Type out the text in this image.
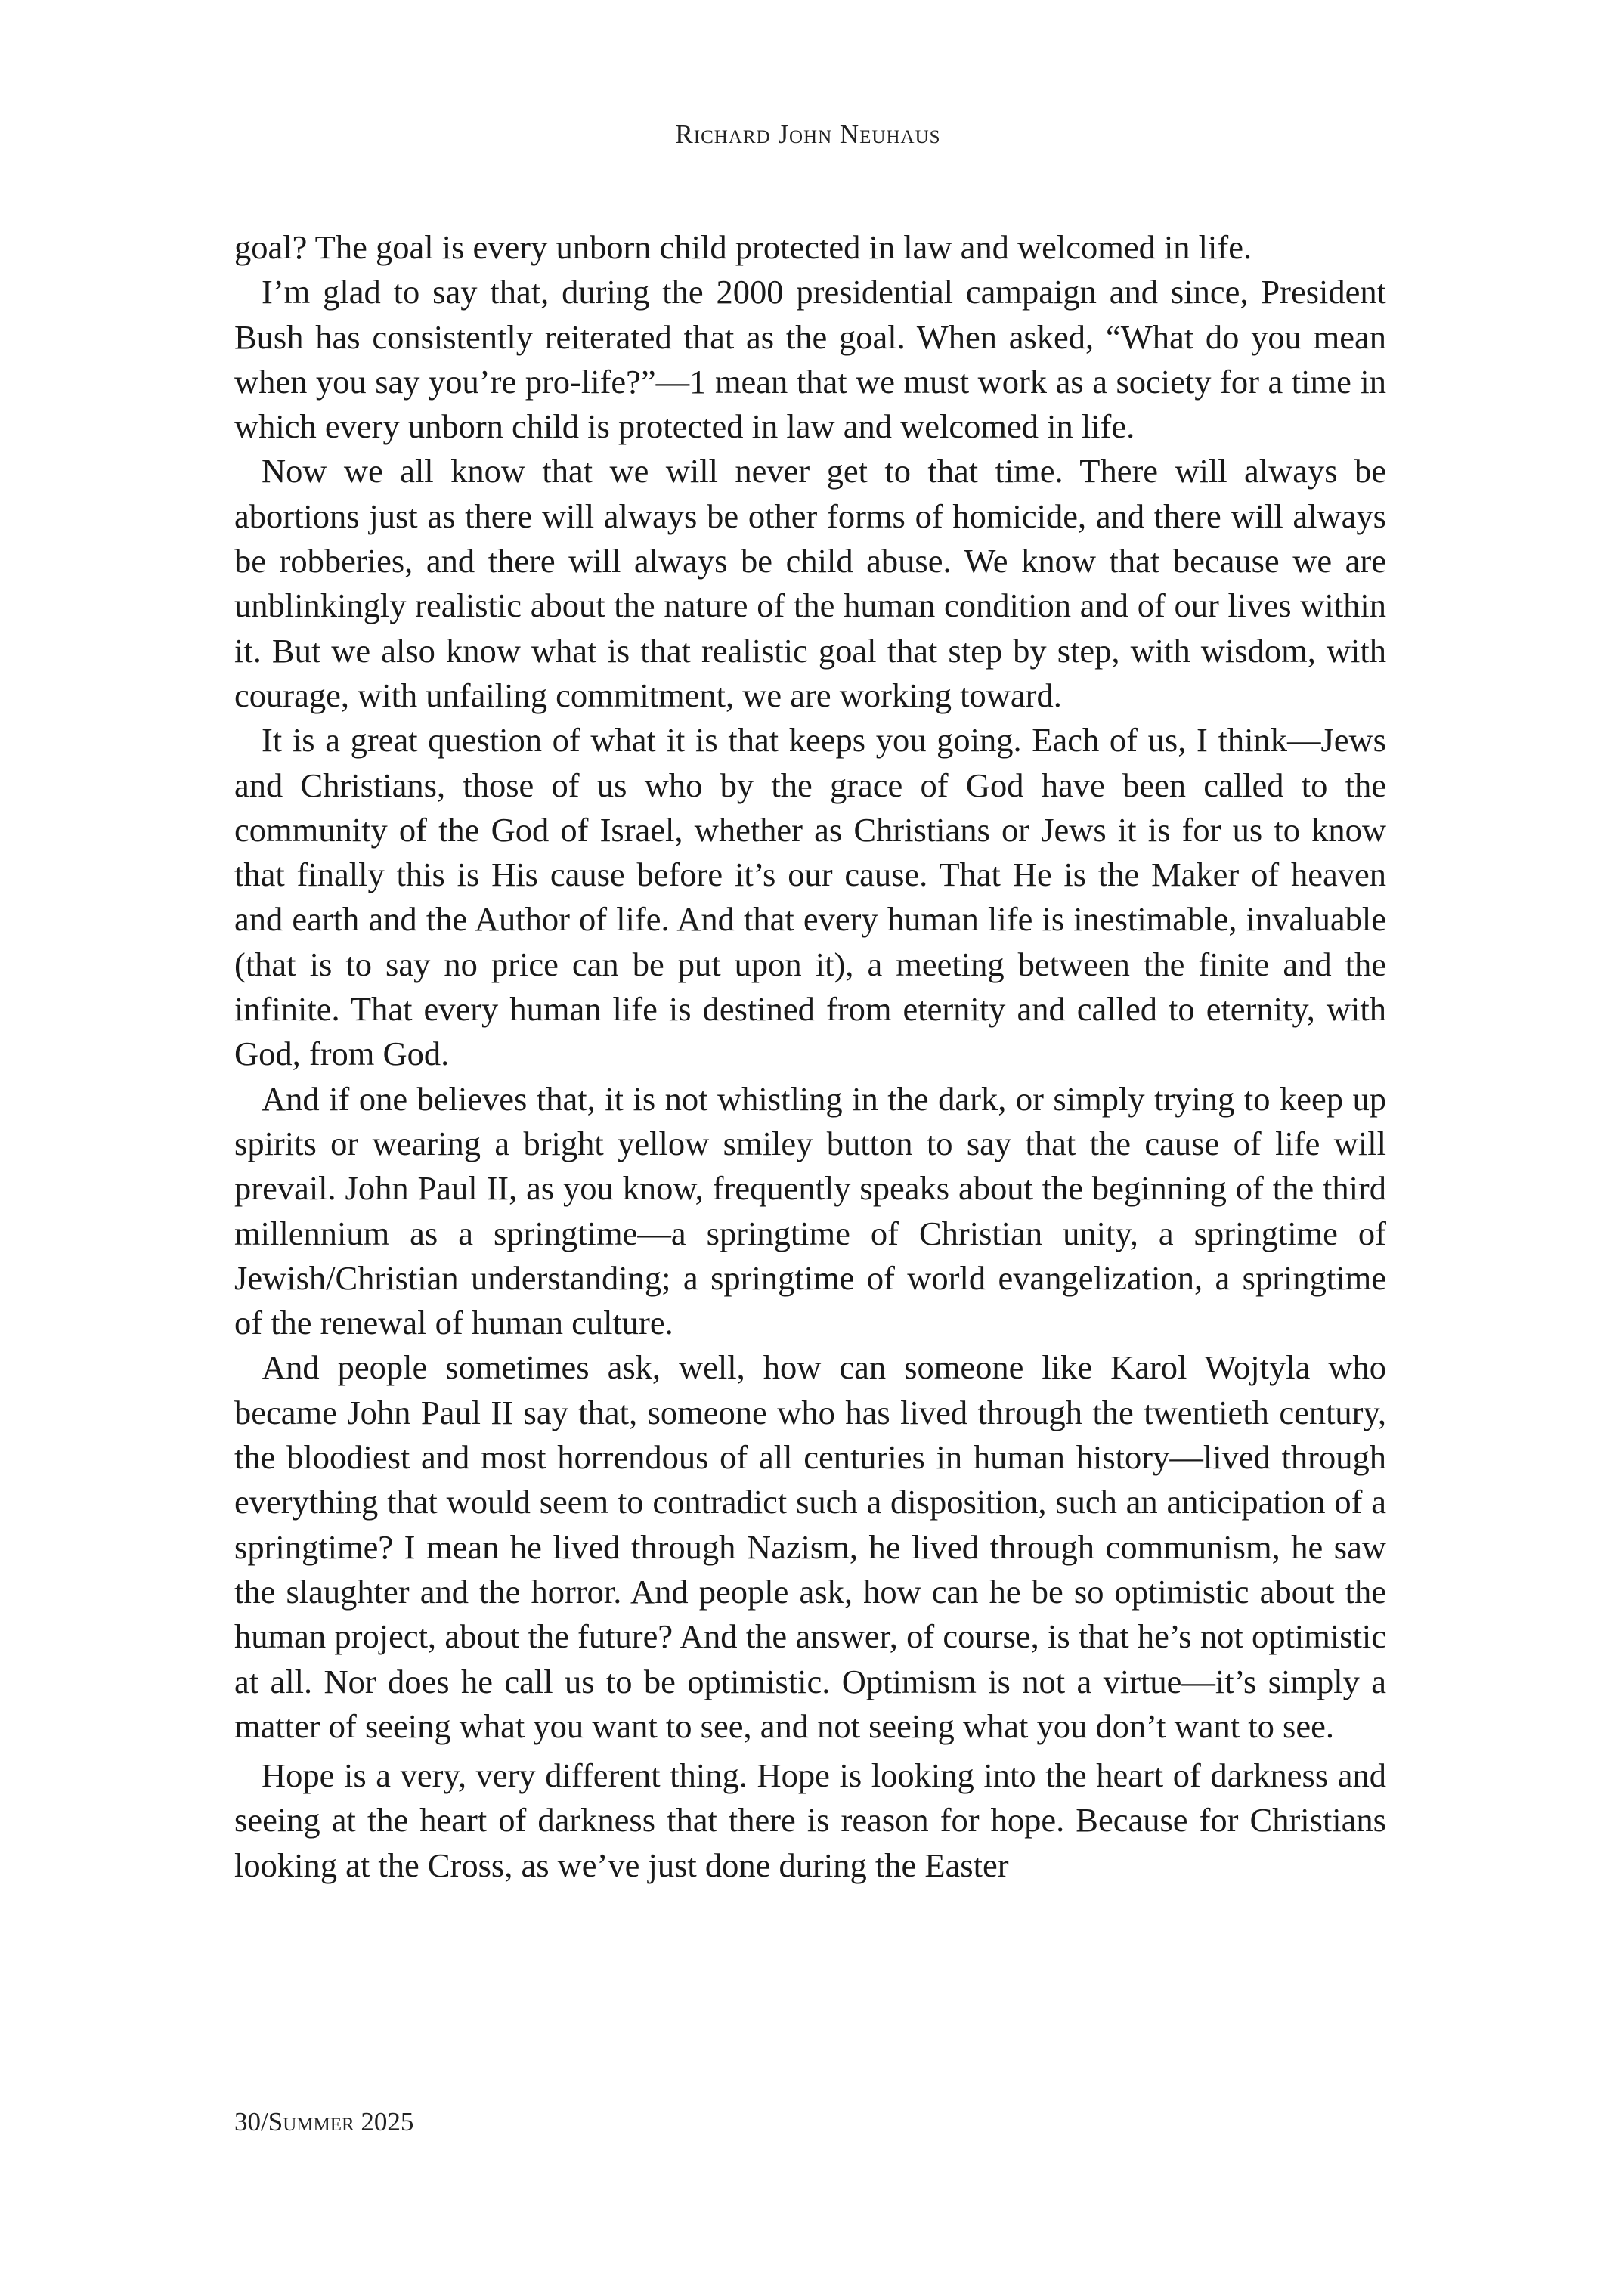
Richard John Neuhaus

goal? The goal is every unborn child protected in law and welcomed in life.

I’m glad to say that, during the 2000 presidential campaign and since, President Bush has consistently reiterated that as the goal. When asked, “What do you mean when you say you’re pro-life?”—1 mean that we must work as a society for a time in which every unborn child is protected in law and welcomed in life.

Now we all know that we will never get to that time. There will always be abortions just as there will always be other forms of homicide, and there will always be robberies, and there will always be child abuse. We know that because we are unblinkingly realistic about the nature of the human condition and of our lives within it. But we also know what is that realistic goal that step by step, with wisdom, with courage, with unfailing commitment, we are working toward.

It is a great question of what it is that keeps you going. Each of us, I think—Jews and Christians, those of us who by the grace of God have been called to the community of the God of Israel, whether as Christians or Jews it is for us to know that finally this is His cause before it’s our cause. That He is the Maker of heaven and earth and the Author of life. And that every human life is inestimable, invaluable (that is to say no price can be put upon it), a meeting between the finite and the infinite. That every human life is destined from eternity and called to eternity, with God, from God.

And if one believes that, it is not whistling in the dark, or simply trying to keep up spirits or wearing a bright yellow smiley button to say that the cause of life will prevail. John Paul II, as you know, frequently speaks about the beginning of the third millennium as a springtime—a springtime of Christian unity, a springtime of Jewish/Christian understanding; a springtime of world evangelization, a springtime of the renewal of human culture.

And people sometimes ask, well, how can someone like Karol Wojtyla who became John Paul II say that, someone who has lived through the twentieth century, the bloodiest and most horrendous of all centuries in human history—lived through everything that would seem to contradict such a disposition, such an anticipation of a springtime? I mean he lived through Nazism, he lived through communism, he saw the slaughter and the horror. And people ask, how can he be so optimistic about the human project, about the future? And the answer, of course, is that he’s not optimistic at all. Nor does he call us to be optimistic. Optimism is not a virtue—it’s simply a matter of seeing what you want to see, and not seeing what you don’t want to see.

Hope is a very, very different thing. Hope is looking into the heart of darkness and seeing at the heart of darkness that there is reason for hope. Because for Christians looking at the Cross, as we’ve just done during the Easter

30/Summer 2025
